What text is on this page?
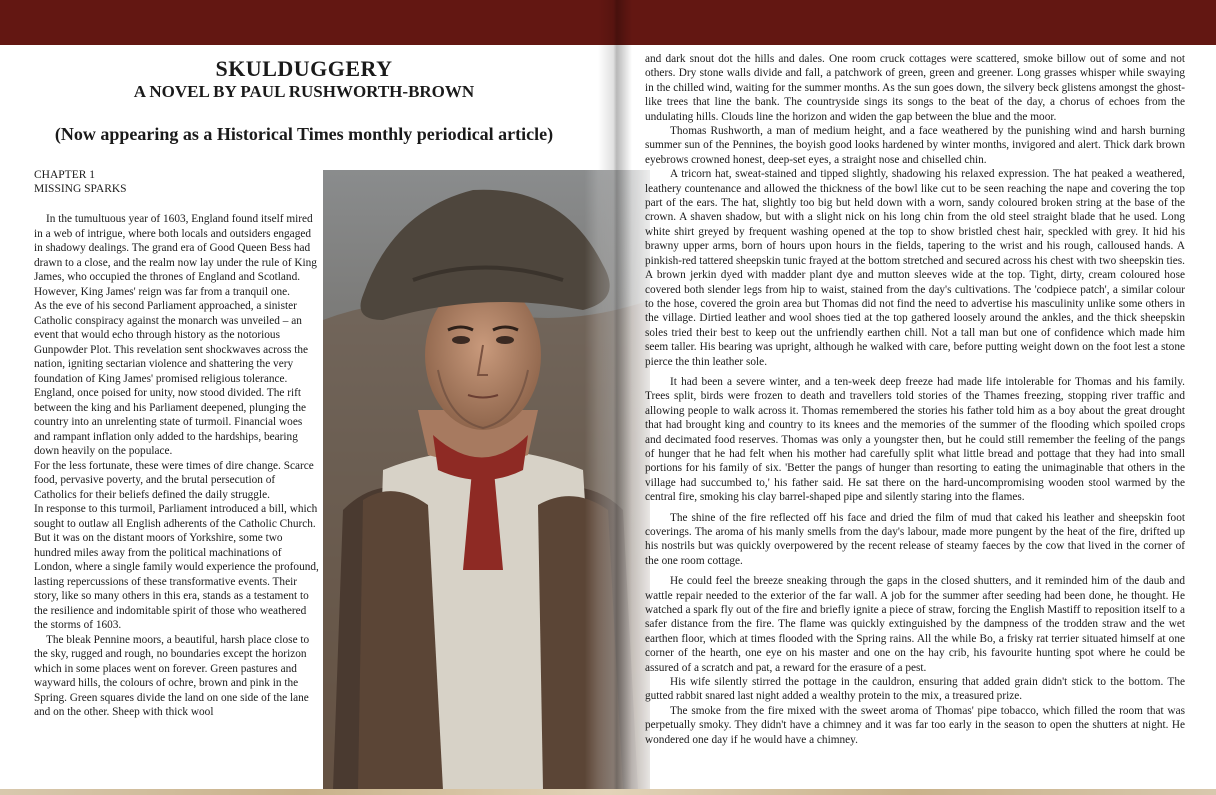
SKULDUGGERY
A NOVEL BY PAUL RUSHWORTH-BROWN
(Now appearing as a Historical Times monthly periodical article)
CHAPTER 1
MISSING SPARKS

In the tumultuous year of 1603, England found itself mired in a web of intrigue, where both locals and outsiders engaged in shadowy dealings. The grand era of Good Queen Bess had drawn to a close, and the realm now lay under the rule of King James, who occupied the thrones of England and Scotland. However, King James' reign was far from a tranquil one.

As the eve of his second Parliament approached, a sinister Catholic conspiracy against the monarch was unveiled – an event that would echo through history as the notorious Gunpowder Plot. This revelation sent shockwaves across the nation, igniting sectarian violence and shattering the very foundation of King James' promised religious tolerance.

England, once poised for unity, now stood divided. The rift between the king and his Parliament deepened, plunging the country into an unrelenting state of turmoil. Financial woes and rampant inflation only added to the hardships, bearing down heavily on the populace.

For the less fortunate, these were times of dire change. Scarce food, pervasive poverty, and the brutal persecution of Catholics for their beliefs defined the daily struggle.

In response to this turmoil, Parliament introduced a bill, which sought to outlaw all English adherents of the Catholic Church.

But it was on the distant moors of Yorkshire, some two hundred miles away from the political machinations of London, where a single family would experience the profound, lasting repercussions of these transformative events. Their story, like so many others in this era, stands as a testament to the resilience and indomitable spirit of those who weathered the storms of 1603.

The bleak Pennine moors, a beautiful, harsh place close to the sky, rugged and rough, no boundaries except the horizon which in some places went on forever. Green pastures and wayward hills, the colours of ochre, brown and pink in the Spring. Green squares divide the land on one side of the lane and on the other. Sheep with thick wool

and dark snout dot the hills and dales. One room cruck cottages were scattered, smoke billow out of some and not others. Dry stone walls divide and fall, a patchwork of green, green and greener. Long grasses whisper while swaying in the chilled wind, waiting for the summer months. As the sun goes down, the silvery beck glistens amongst the ghost-like trees that line the bank. The countryside sings its songs to the beat of the day, a chorus of echoes from the undulating hills. Clouds line the horizon and widen the gap between the blue and the moor.

Thomas Rushworth, a man of medium height, and a face weathered by the punishing wind and harsh burning summer sun of the Pennines, the boyish good looks hardened by winter months, invigored and alert. Thick dark brown eyebrows crowned honest, deep-set eyes, a straight nose and chiselled chin.

A tricorn hat, sweat-stained and tipped slightly, shadowing his relaxed expression. The hat peaked a weathered, leathery countenance and allowed the thickness of the bowl like cut to be seen reaching the nape and covering the top part of the ears. The hat, slightly too big but held down with a worn, sandy coloured broken string at the base of the crown. A shaven shadow, but with a slight nick on his long chin from the old steel straight blade that he used. Long white shirt greyed by frequent washing opened at the top to show bristled chest hair, speckled with grey. It hid his brawny upper arms, born of hours upon hours in the fields, tapering to the wrist and his rough, calloused hands. A pinkish-red tattered sheepskin tunic frayed at the bottom stretched and secured across his chest with two sheepskin ties. A brown jerkin dyed with madder plant dye and mutton sleeves wide at the top. Tight, dirty, cream coloured hose covered both slender legs from hip to waist, stained from the day's cultivations. The 'codpiece patch', a similar colour to the hose, covered the groin area but Thomas did not find the need to advertise his masculinity unlike some others in the village. Dirtied leather and wool shoes tied at the top gathered loosely around the ankles, and the thick sheepskin soles tried their best to keep out the unfriendly earthen chill. Not a tall man but one of confidence which made him seem taller. His bearing was upright, although he walked with care, before putting weight down on the foot lest a stone pierce the thin leather sole.

It had been a severe winter, and a ten-week deep freeze had made life intolerable for Thomas and his family. Trees split, birds were frozen to death and travellers told stories of the Thames freezing, stopping river traffic and allowing people to walk across it. Thomas remembered the stories his father told him as a boy about the great drought that had brought king and country to its knees and the memories of the summer of the flooding which spoiled crops and decimated food reserves. Thomas was only a youngster then, but he could still remember the feeling of the pangs of hunger that he had felt when his mother had carefully split what little bread and pottage that they had into small portions for his family of six. 'Better the pangs of hunger than resorting to eating the unimaginable that others in the village had succumbed to,' his father said. He sat there on the hard-uncompromising wooden stool warmed by the central fire, smoking his clay barrel-shaped pipe and silently staring into the flames.

The shine of the fire reflected off his face and dried the film of mud that caked his leather and sheepskin foot coverings. The aroma of his manly smells from the day's labour, made more pungent by the heat of the fire, drifted up his nostrils but was quickly overpowered by the recent release of steamy faeces by the cow that lived in the corner of the one room cottage.

He could feel the breeze sneaking through the gaps in the closed shutters, and it reminded him of the daub and wattle repair needed to the exterior of the far wall. A job for the summer after seeding had been done, he thought. He watched a spark fly out of the fire and briefly ignite a piece of straw, forcing the English Mastiff to reposition itself to a safer distance from the fire. The flame was quickly extinguished by the dampness of the trodden straw and the wet earthen floor, which at times flooded with the Spring rains. All the while Bo, a frisky rat terrier situated himself at one corner of the hearth, one eye on his master and one on the hay crib, his favourite hunting spot where he could be assured of a scratch and pat, a reward for the erasure of a pest.

His wife silently stirred the pottage in the cauldron, ensuring that added grain didn't stick to the bottom. The gutted rabbit snared last night added a wealthy protein to the mix, a treasured prize.

The smoke from the fire mixed with the sweet aroma of Thomas' pipe tobacco, which filled the room that was perpetually smoky. They didn't have a chimney and it was far too early in the season to open the shutters at night. He wondered one day if he would have a chimney.
